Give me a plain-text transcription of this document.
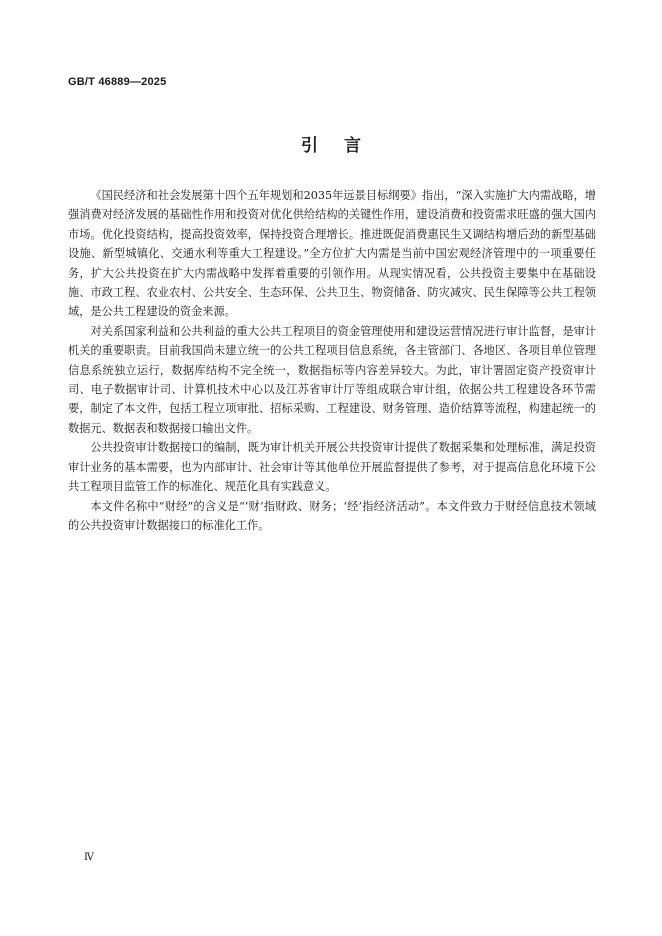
GB/T 46889—2025
引言

《国民经济和社会发展第十四个五年规划和2035年远景目标纲要》指出，“深入实施扩大内需战略，增强消费对经济发展的基础性作用和投资对优化供给结构的关键性作用，建设消费和投资需求旺盛的强大国内市场。优化投资结构，提高投资效率，保持投资合理增长。推进既促消费惠民生又调结构增后劲的新型基础设施、新型城镇化、交通水利等重大工程建设。”全方位扩大内需是当前中国宏观经济管理中的一项重要任务，扩大公共投资在扩大内需战略中发挥着重要的引领作用。从现实情况看，公共投资主要集中在基础设施、市政工程、农业农村、公共安全、生态环保、公共卫生、物资储备、防灾减灾、民生保障等公共工程领域，是公共工程建设的资金来源。

对关系国家利益和公共利益的重大公共工程项目的资金管理使用和建设运营情况进行审计监督，是审计机关的重要职责。目前我国尚未建立统一的公共工程项目信息系统，各主管部门、各地区、各项目单位管理信息系统独立运行，数据库结构不完全统一，数据指标等内容差异较大。为此，审计署固定资产投资审计司、电子数据审计司、计算机技术中心以及江苏省审计厅等组成联合审计组，依据公共工程建设各环节需要，制定了本文件，包括工程立项审批、招标采购、工程建设、财务管理、造价结算等流程，构建起统一的数据元、数据表和数据接口输出文件。

公共投资审计数据接口的编制，既为审计机关开展公共投资审计提供了数据采集和处理标准，满足投资审计业务的基本需要，也为内部审计、社会审计等其他单位开展监督提供了参考，对于提高信息化环境下公共工程项目监管工作的标准化、规范化具有实践意义。

本文件名称中“财经”的含义是“‘财’指财政、财务；‘经’指经济活动”。本文件致力于财经信息技术领域的公共投资审计数据接口的标准化工作。

Ⅳ
